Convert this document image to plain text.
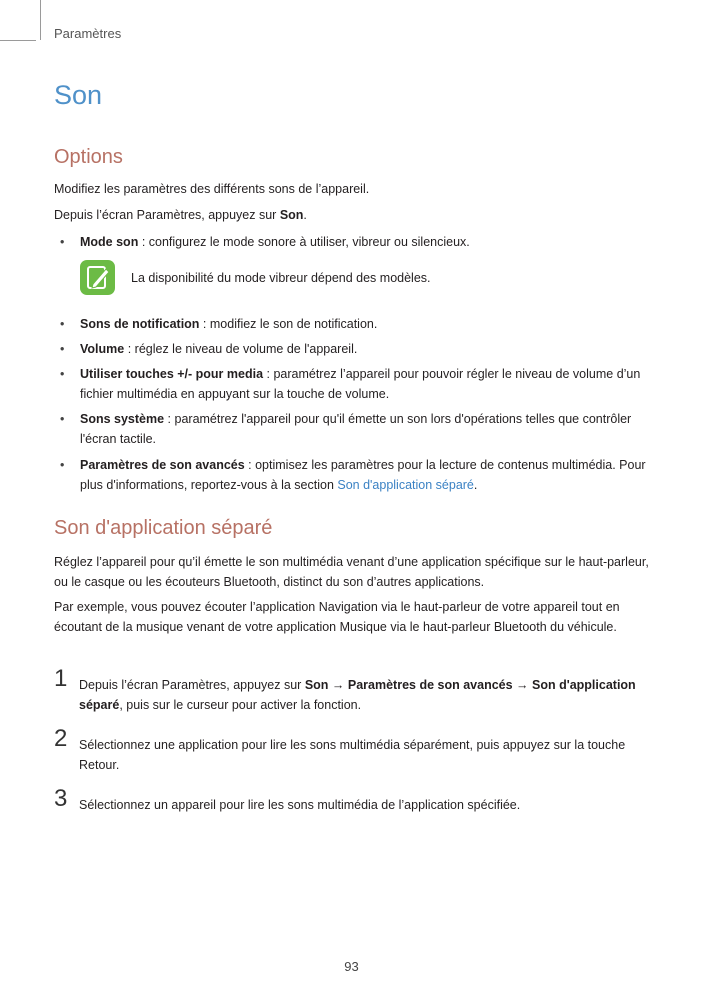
Paramètres
Son
Options

Modifiez les paramètres des différents sons de l’appareil.

Depuis l’écran Paramètres, appuyez sur Son.

•	Mode son : configurez le mode sonore à utiliser, vibreur ou silencieux.
La disponibilité du mode vibreur dépend des modèles.
•	Sons de notification : modifiez le son de notification.
•	Volume : réglez le niveau de volume de l'appareil.
•	Utiliser touches +/- pour media : paramétrez l’appareil pour pouvoir régler le niveau de volume d’un fichier multimédia en appuyant sur la touche de volume.
•	Sons système : paramétrez l'appareil pour qu'il émette un son lors d'opérations telles que contrôler l'écran tactile.
•	Paramètres de son avancés : optimisez les paramètres pour la lecture de contenus multimédia. Pour plus d'informations, reportez-vous à la section Son d'application séparé.
Son d'application séparé

Réglez l’appareil pour qu’il émette le son multimédia venant d’une application spécifique sur le haut-parleur, ou le casque ou les écouteurs Bluetooth, distinct du son d’autres applications.

Par exemple, vous pouvez écouter l’application Navigation via le haut-parleur de votre appareil tout en écoutant de la musique venant de votre application Musique via le haut-parleur Bluetooth du véhicule.

1 Depuis l’écran Paramètres, appuyez sur Son → Paramètres de son avancés → Son d'application séparé, puis sur le curseur pour activer la fonction.
2 Sélectionnez une application pour lire les sons multimédia séparément, puis appuyez sur la touche Retour.
3 Sélectionnez un appareil pour lire les sons multimédia de l’application spécifiée.
93
